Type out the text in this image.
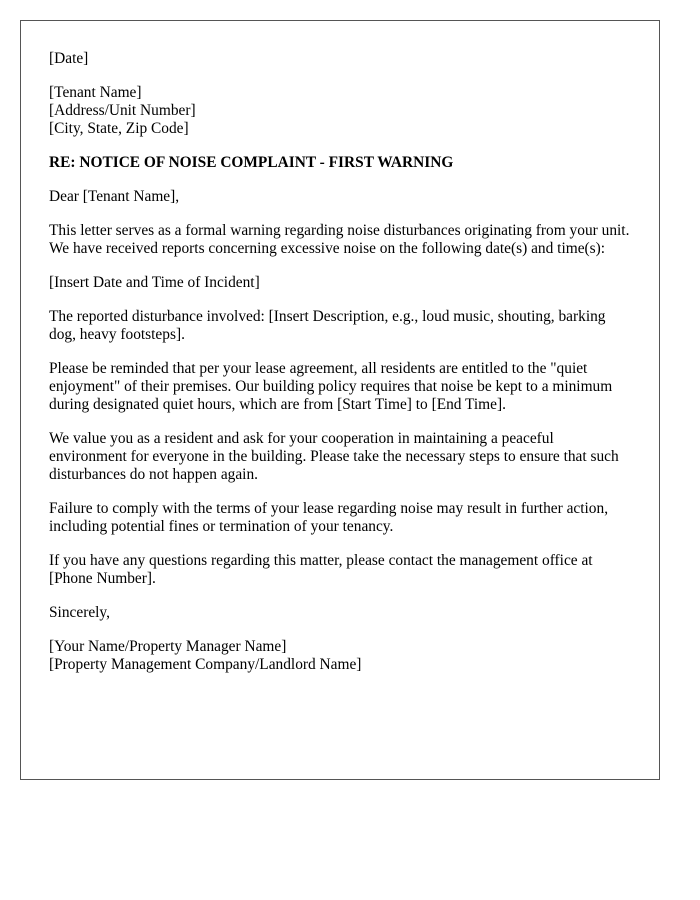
[Date]

[Tenant Name]
[Address/Unit Number]
[City, State, Zip Code]

RE: NOTICE OF NOISE COMPLAINT - FIRST WARNING

Dear [Tenant Name],

This letter serves as a formal warning regarding noise disturbances originating from your unit. We have received reports concerning excessive noise on the following date(s) and time(s):

[Insert Date and Time of Incident]

The reported disturbance involved: [Insert Description, e.g., loud music, shouting, barking dog, heavy footsteps].

Please be reminded that per your lease agreement, all residents are entitled to the "quiet enjoyment" of their premises. Our building policy requires that noise be kept to a minimum during designated quiet hours, which are from [Start Time] to [End Time].

We value you as a resident and ask for your cooperation in maintaining a peaceful environment for everyone in the building. Please take the necessary steps to ensure that such disturbances do not happen again.

Failure to comply with the terms of your lease regarding noise may result in further action, including potential fines or termination of your tenancy.

If you have any questions regarding this matter, please contact the management office at [Phone Number].

Sincerely,

[Your Name/Property Manager Name]
[Property Management Company/Landlord Name]
